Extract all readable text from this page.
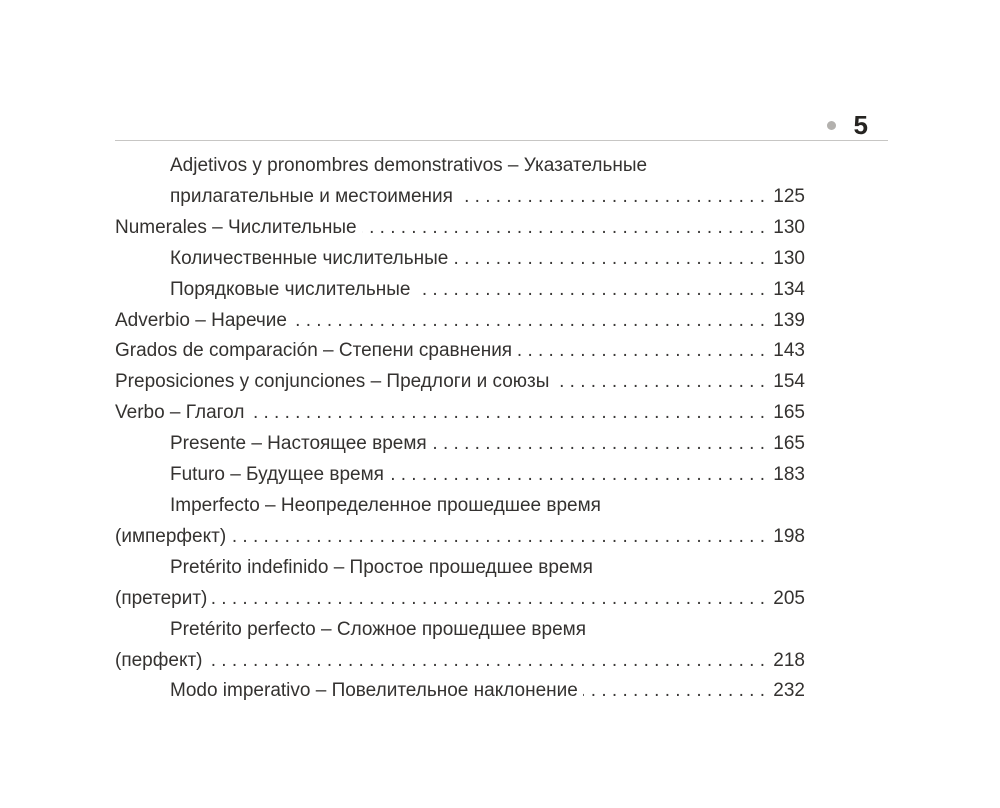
5
Adjetivos y pronombres demonstrativos – Указательные
прилагательные и местоимения . . .	125
Numerales – Числительные . . .	130
Количественные числительные . . .	130
Порядковые числительные . . .	134
Adverbio – Наречие . . .	139
Grados de comparación – Степени сравнения . . .	143
Preposiciones y conjunciones – Предлоги и союзы . . .	154
Verbo – Глагол . . .	165
Presente – Настоящее время . . .	165
Futuro – Будущее время . . .	183
Imperfecto – Неопределенное прошедшее время
(имперфект) . . .	198
Pretérito indefinido – Простое прошедшее время
(претерит) . . .	205
Pretérito perfecto – Сложное прошедшее время
(перфект) . . .	218
Modo imperativo – Повелительное наклонение . . .	232
